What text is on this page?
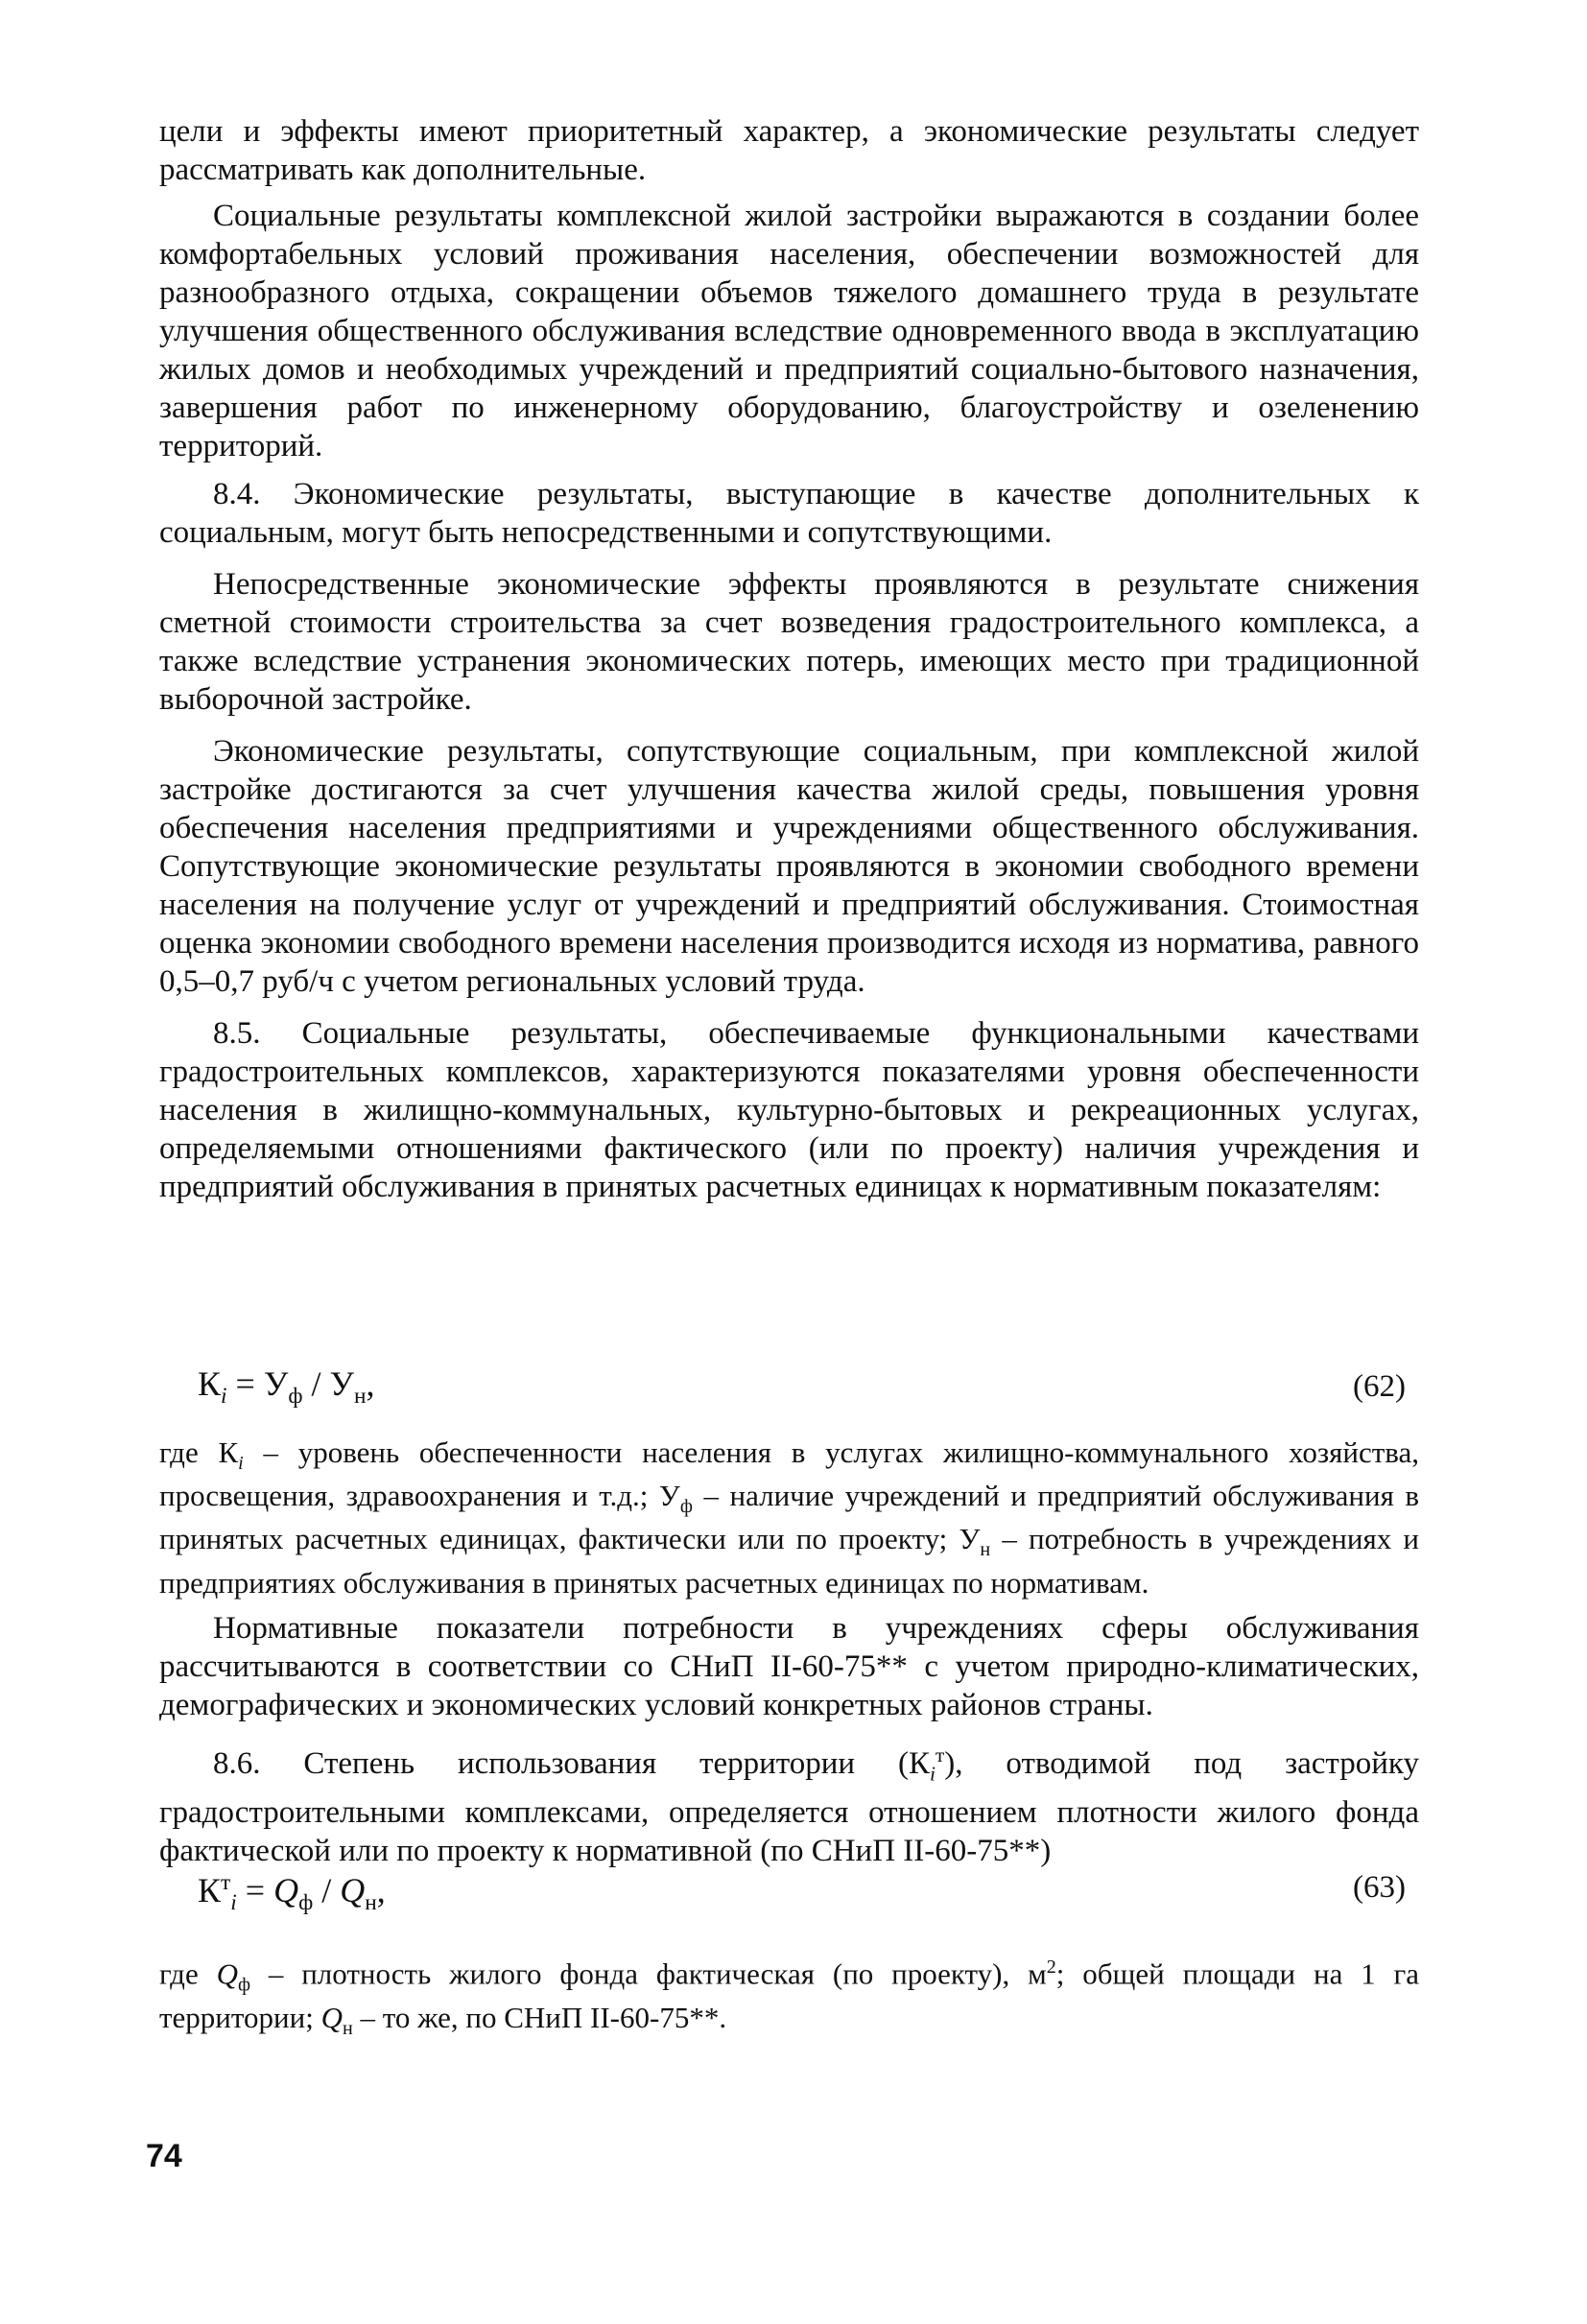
цели и эффекты имеют приоритетный характер, а экономические результаты следует рассматривать как дополнительные.

Социальные результаты комплексной жилой застройки выражаются в создании более комфортабельных условий проживания населения, обеспечении возможностей для разнообразного отдыха, сокращении объемов тяжелого домашнего труда в результате улучшения общественного обслуживания вследствие одновременного ввода в эксплуатацию жилых домов и необходимых учреждений и предприятий социально-бытового назначения, завершения работ по инженерному оборудованию, благоустройству и озеленению территорий.

8.4. Экономические результаты, выступающие в качестве дополнительных к социальным, могут быть непосредственными и сопутствующими.

Непосредственные экономические эффекты проявляются в результате снижения сметной стоимости строительства за счет возведения градостроительного комплекса, а также вследствие устранения экономических потерь, имеющих место при традиционной выборочной застройке.

Экономические результаты, сопутствующие социальным, при комплексной жилой застройке достигаются за счет улучшения качества жилой среды, повышения уровня обеспечения населения предприятиями и учреждениями общественного обслуживания. Сопутствующие экономические результаты проявляются в экономии свободного времени населения на получение услуг от учреждений и предприятий обслуживания. Стоимостная оценка экономии свободного времени населения производится исходя из норматива, равного 0,5–0,7 руб/ч с учетом региональных условий труда.

8.5. Социальные результаты, обеспечиваемые функциональными качествами градостроительных комплексов, характеризуются показателями уровня обеспеченности населения в жилищно-коммунальных, культурно-бытовых и рекреационных услугах, определяемыми отношениями фактического (или по проекту) наличия учреждения и предприятий обслуживания в принятых расчетных единицах к нормативным показателям:

$К_i = У_ф / У_н$,	(62)

где $К_i$ – уровень обеспеченности населения в услугах жилищно-коммунального хозяйства, просвещения, здравоохранения и т.д.; $У_ф$ – наличие учреждений и предприятий обслуживания в принятых расчетных единицах, фактически или по проекту; $У_н$ – потребность в учреждениях и предприятиях обслуживания в принятых расчетных единицах по нормативам.

Нормативные показатели потребности в учреждениях сферы обслуживания рассчитываются в соответствии со СНиП II-60-75** с учетом природно-климатических, демографических и экономических условий конкретных районов страны.

8.6. Степень использования территории $(К_i^т)$, отводимой под застройку градостроительными комплексами, определяется отношением плотности жилого фонда фактической или по проекту к нормативной (по СНиП II-60-75**)

$К^т_i = Q_ф / Q_н$,	(63)

где $Q_ф$ – плотность жилого фонда фактическая (по проекту), $м^2$; общей площади на 1 га территории; $Q_н$ – то же, по СНиП II-60-75**.

74
